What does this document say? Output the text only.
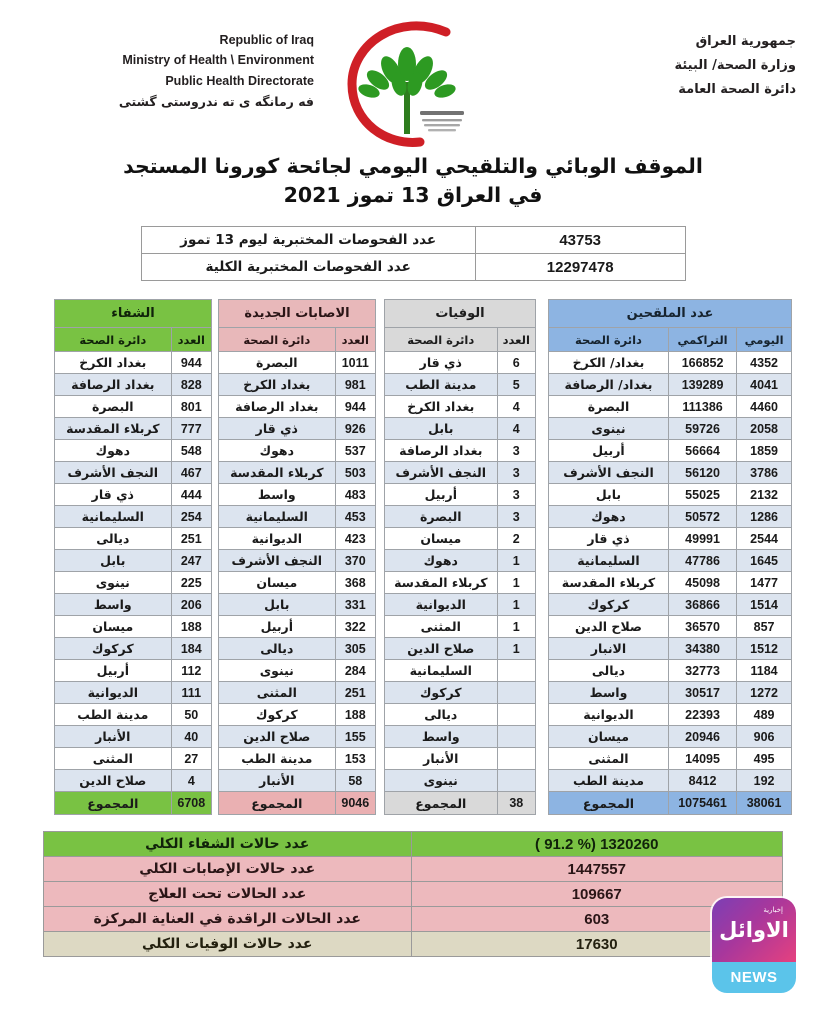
Republic of Iraq
Ministry of Health \ Environment
Public Health Directorate
فه رمانگه ی ته ندروستی گشتی
جمهورية العراق
وزارة الصحة/ البيئة
دائرة الصحة العامة
الموقف الوبائي والتلقيحي اليومي لجائحة كورونا المستجد
في العراق 13 تموز 2021
43753	عدد الفحوصات المختبرية ليوم 13 تموز
12297478	عدد الفحوصات المختبرية الكلية
عدد الملقحين		
اليومي	التراكمي	دائرة الصحة
4352	166852	بغداد/ الكرخ
4041	139289	بغداد/ الرصافة
4460	111386	البصرة
2058	59726	نينوى
1859	56664	أربيل
3786	56120	النجف الأشرف
2132	55025	بابل
1286	50572	دهوك
2544	49991	ذي قار
1645	47786	السليمانية
1477	45098	كربلاء المقدسة
1514	36866	كركوك
857	36570	صلاح الدين
1512	34380	الانبار
1184	32773	ديالى
1272	30517	واسط
489	22393	الديوانية
906	20946	ميسان
495	14095	المثنى
192	8412	مدينة الطب
38061	1075461	المجموع
الوفيات	
العدد	دائرة الصحة
6	ذي قار
5	مدينة الطب
4	بغداد الكرخ
4	بابل
3	بغداد الرصافة
3	النجف الأشرف
3	أربيل
3	البصرة
2	ميسان
1	دهوك
1	كربلاء المقدسة
1	الديوانية
1	المثنى
1	صلاح الدين
	السليمانية
	كركوك
	ديالى
	واسط
	الأنبار
	نينوى
38	المجموع
الاصابات الجديدة	
العدد	دائرة الصحة
1011	البصرة
981	بغداد الكرخ
944	بغداد الرصافة
926	ذي قار
537	دهوك
503	كربلاء المقدسة
483	واسط
453	السليمانية
423	الديوانية
370	النجف الأشرف
368	ميسان
331	بابل
322	أربيل
305	ديالى
284	نينوى
251	المثنى
188	كركوك
155	صلاح الدين
153	مدينة الطب
58	الأنبار
9046	المجموع
الشفاء	
العدد	دائرة الصحة
944	بغداد الكرخ
828	بغداد الرصافة
801	البصرة
777	كربلاء المقدسة
548	دهوك
467	النجف الأشرف
444	ذي قار
254	السليمانية
251	ديالى
247	بابل
225	نينوى
206	واسط
188	ميسان
184	كركوك
112	أربيل
111	الديوانية
50	مدينة الطب
40	الأنبار
27	المثنى
4	صلاح الدين
6708	المجموع
1320260 (% 91.2 )	عدد حالات الشفاء الكلي
1447557	عدد حالات الإصابات الكلي
109667	عدد الحالات تحت العلاج
603	عدد الحالات الراقدة في العناية المركزة
17630	عدد حالات الوفيات الكلي
إخبارية
الاوائل
NEWS
